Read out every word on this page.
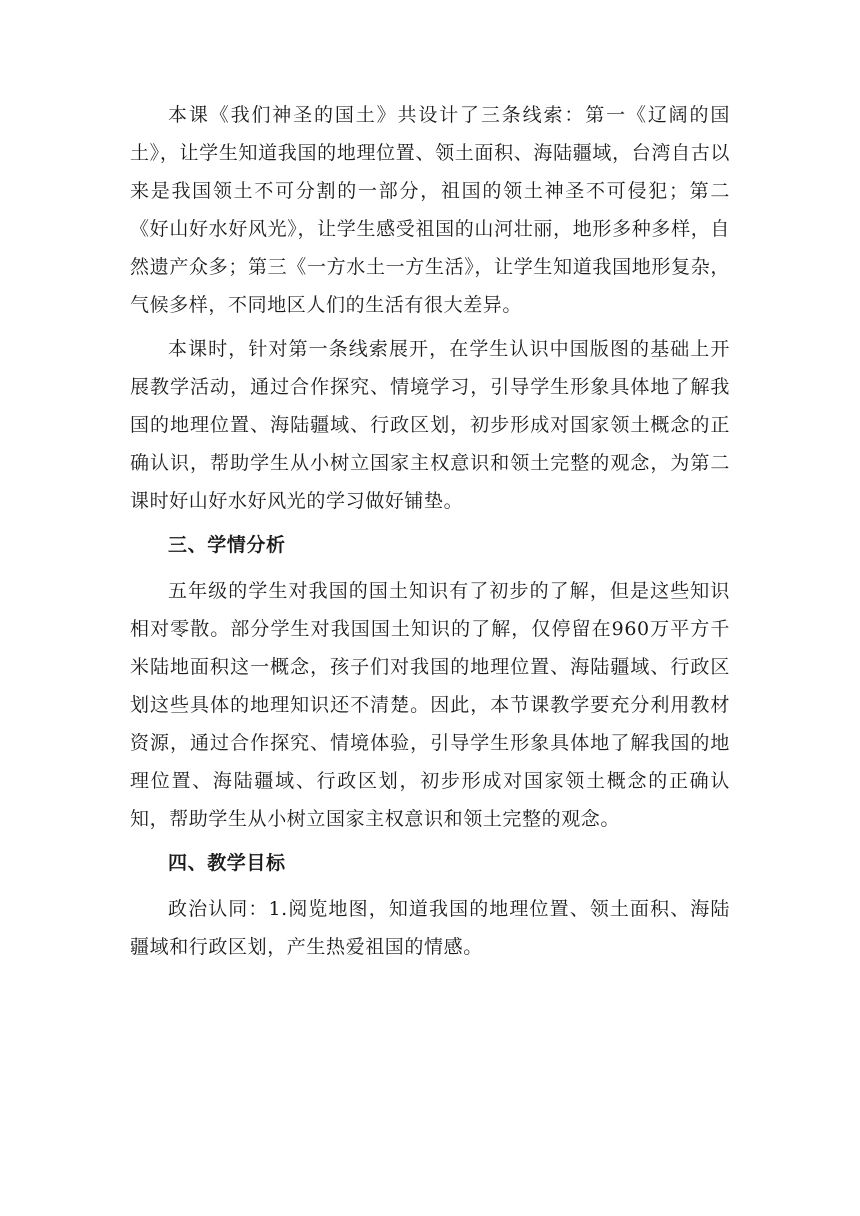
本课《我们神圣的国土》共设计了三条线索：第一《辽阔的国土》，让学生知道我国的地理位置、领土面积、海陆疆域，台湾自古以来是我国领土不可分割的一部分，祖国的领土神圣不可侵犯；第二《好山好水好风光》，让学生感受祖国的山河壮丽，地形多种多样，自然遗产众多；第三《一方水土一方生活》，让学生知道我国地形复杂，气候多样，不同地区人们的生活有很大差异。

本课时，针对第一条线索展开，在学生认识中国版图的基础上开展教学活动，通过合作探究、情境学习，引导学生形象具体地了解我国的地理位置、海陆疆域、行政区划，初步形成对国家领土概念的正确认识，帮助学生从小树立国家主权意识和领土完整的观念，为第二课时好山好水好风光的学习做好铺垫。

三、学情分析

五年级的学生对我国的国土知识有了初步的了解，但是这些知识相对零散。部分学生对我国国土知识的了解，仅停留在960万平方千米陆地面积这一概念，孩子们对我国的地理位置、海陆疆域、行政区划这些具体的地理知识还不清楚。因此，本节课教学要充分利用教材资源，通过合作探究、情境体验，引导学生形象具体地了解我国的地理位置、海陆疆域、行政区划，初步形成对国家领土概念的正确认知，帮助学生从小树立国家主权意识和领土完整的观念。

四、教学目标

政治认同：1.阅览地图，知道我国的地理位置、领土面积、海陆疆域和行政区划，产生热爱祖国的情感。
